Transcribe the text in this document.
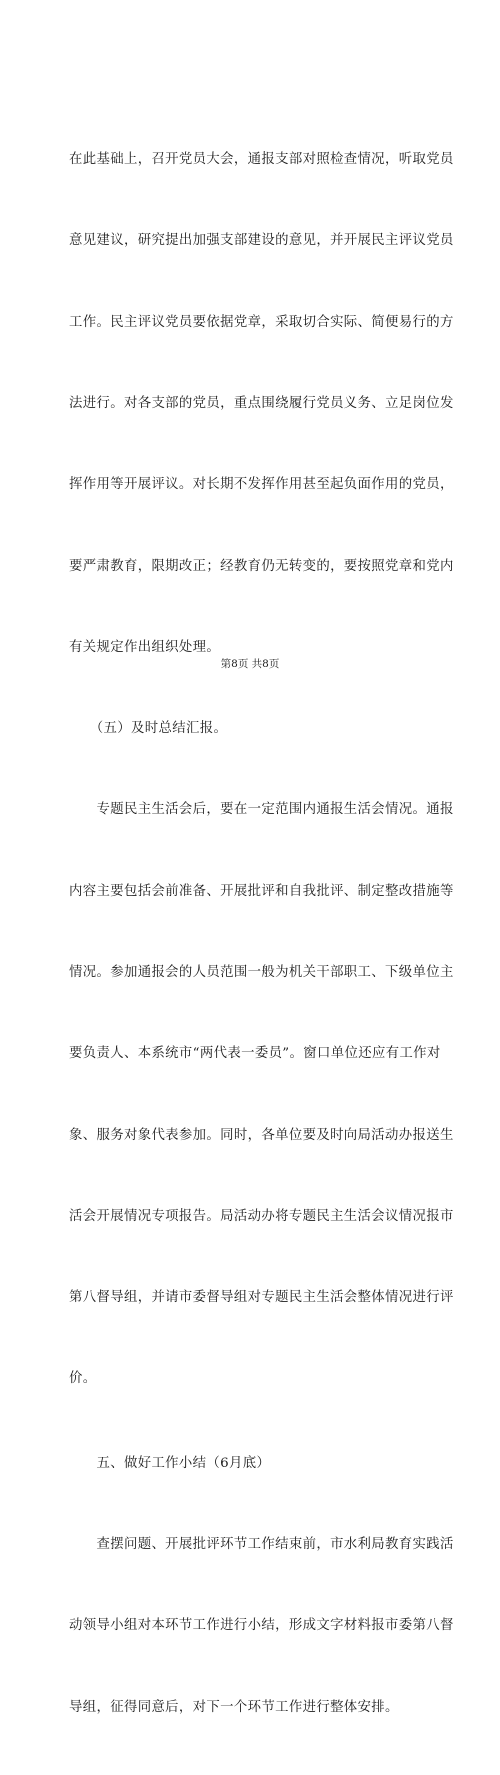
在此基础上，召开党员大会，通报支部对照检查情况，听取党员

意见建议，研究提出加强支部建设的意见，并开展民主评议党员

工作。民主评议党员要依据党章，采取切合实际、简便易行的方

法进行。对各支部的党员，重点围绕履行党员义务、立足岗位发

挥作用等开展评议。对长期不发挥作用甚至起负面作用的党员，

要严肃教育，限期改正；经教育仍无转变的，要按照党章和党内

有关规定作出组织处理。

　　（五）及时总结汇报。

　　专题民主生活会后，要在一定范围内通报生活会情况。通报

内容主要包括会前准备、开展批评和自我批评、制定整改措施等

情况。参加通报会的人员范围一般为机关干部职工、下级单位主

要负责人、本系统市“两代表一委员”。窗口单位还应有工作对

象、服务对象代表参加。同时，各单位要及时向局活动办报送生

活会开展情况专项报告。局活动办将专题民主生活会议情况报市

第八督导组，并请市委督导组对专题民主生活会整体情况进行评

价。

　　五、做好工作小结（6月底）

　　查摆问题、开展批评环节工作结束前，市水利局教育实践活

动领导小组对本环节工作进行小结，形成文字材料报市委第八督

导组，征得同意后，对下一个环节工作进行整体安排。

第8页 共8页
